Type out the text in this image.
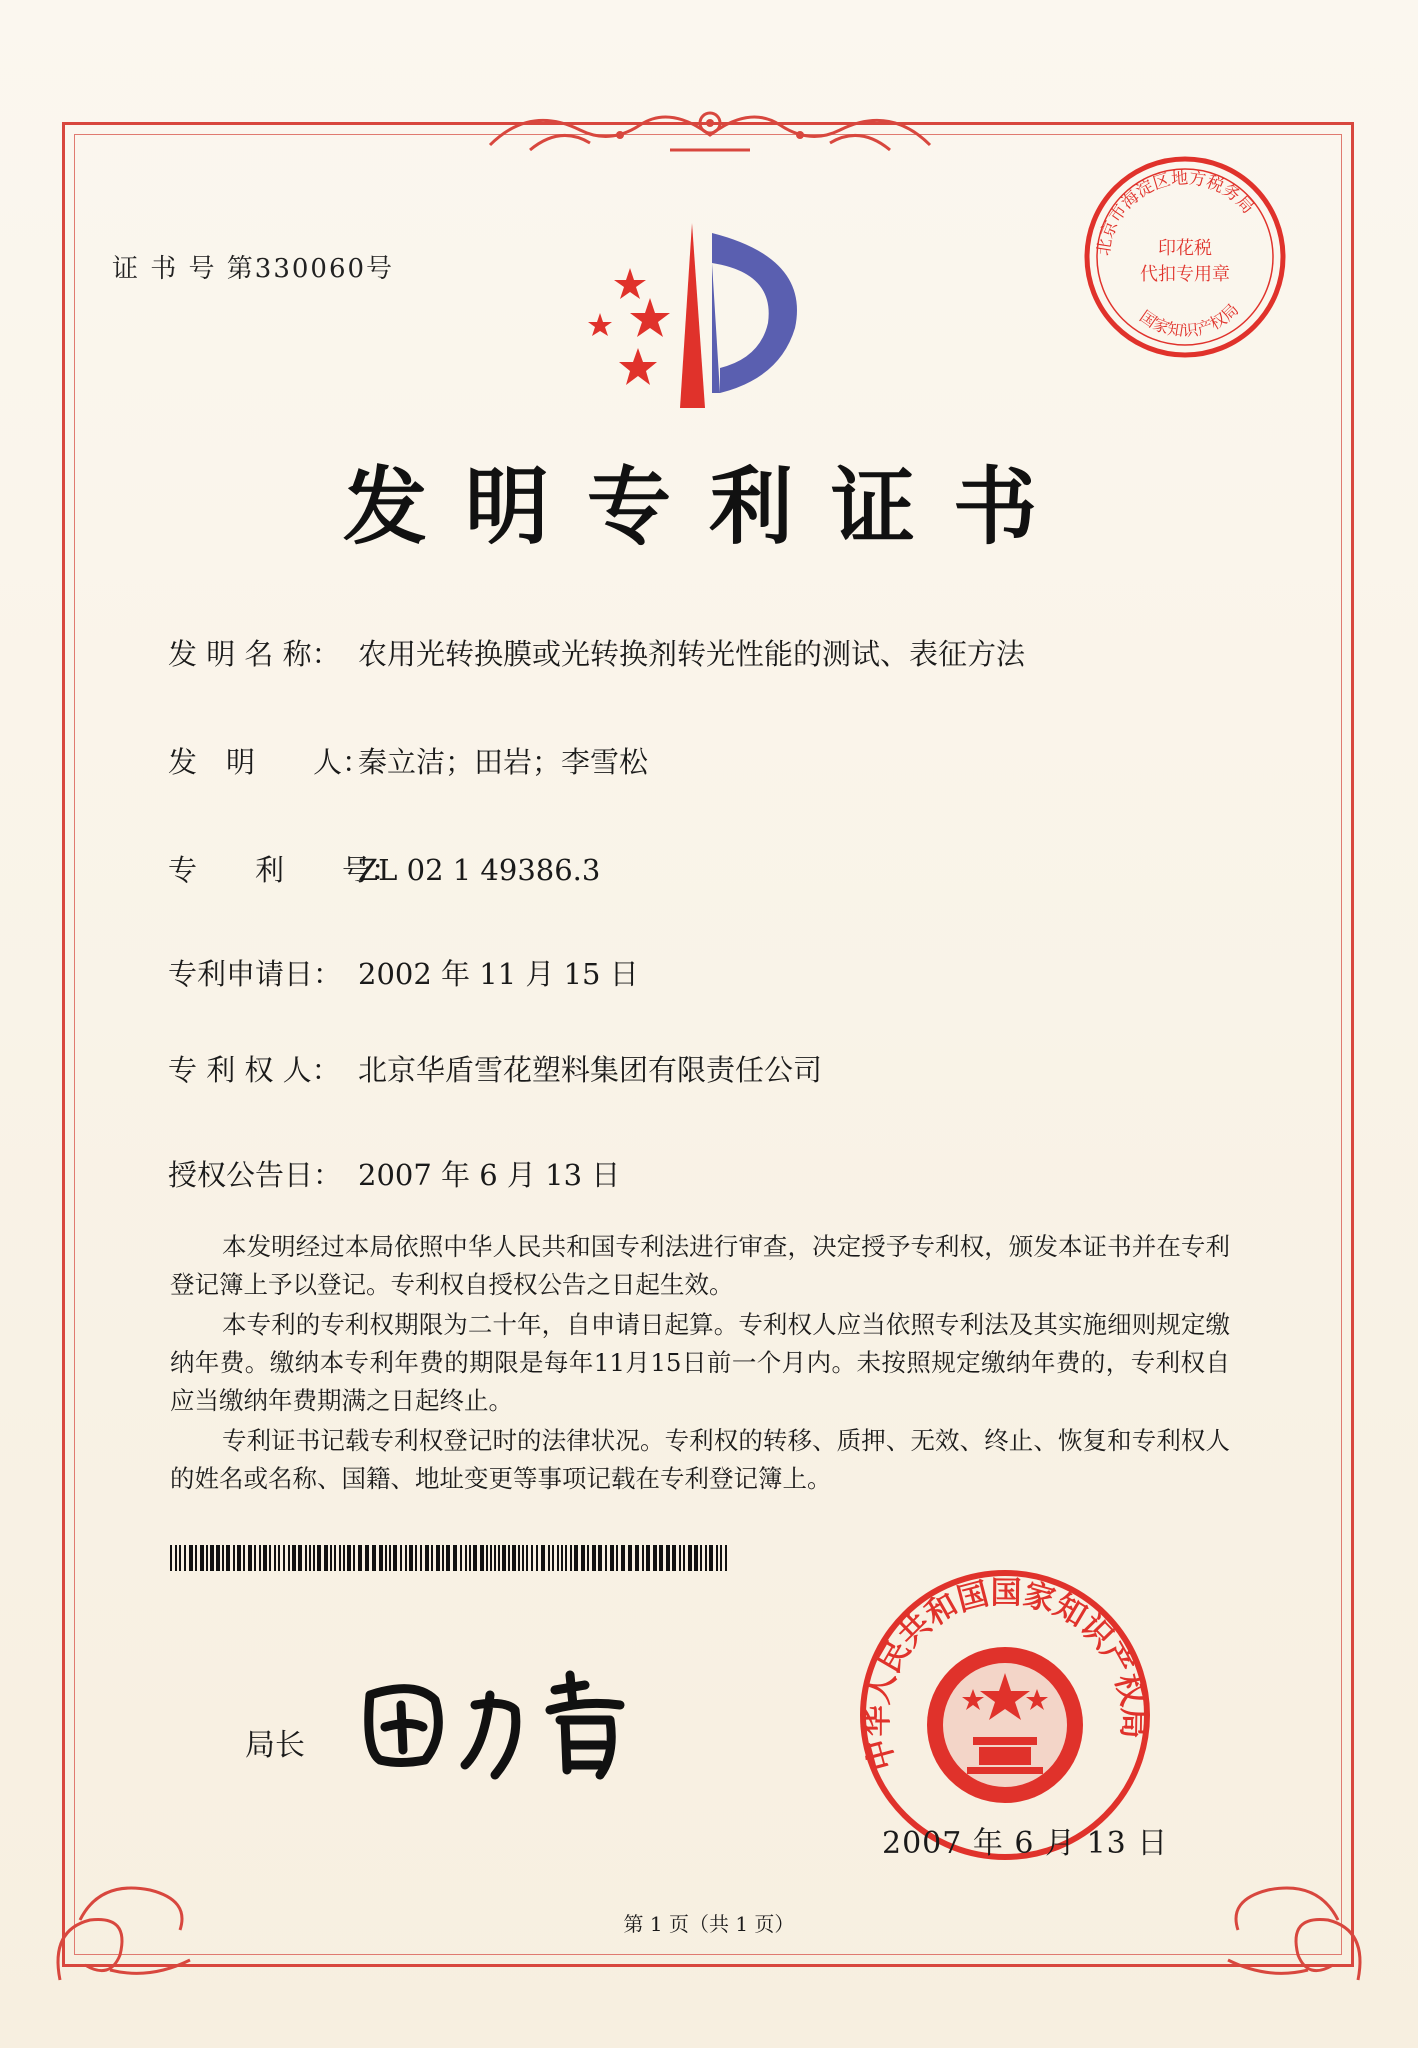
证 书 号 第330060号
北京市海淀区地方税务局
国家知识产权局
印花税
代扣专用章
发明专利证书
发 明 名 称： 农用光转换膜或光转换剂转光性能的测试、表征方法
发　明　　人：秦立洁；田岩；李雪松
专　　利　　号：ZL 02 1 49386.3
专利申请日： 2002 年 11 月 15 日
专 利 权 人： 北京华盾雪花塑料集团有限责任公司
授权公告日： 2007 年 6 月 13 日
本发明经过本局依照中华人民共和国专利法进行审查，决定授予专利权，颁发本证书并在专利登记簿上予以登记。专利权自授权公告之日起生效。
本专利的专利权期限为二十年，自申请日起算。专利权人应当依照专利法及其实施细则规定缴纳年费。缴纳本专利年费的期限是每年11月15日前一个月内。未按照规定缴纳年费的，专利权自应当缴纳年费期满之日起终止。
专利证书记载专利权登记时的法律状况。专利权的转移、质押、无效、终止、恢复和专利权人的姓名或名称、国籍、地址变更等事项记载在专利登记簿上。
局长	中华人民共和国国家知识产权局
2007 年 6 月 13 日
第 1 页（共 1 页）
